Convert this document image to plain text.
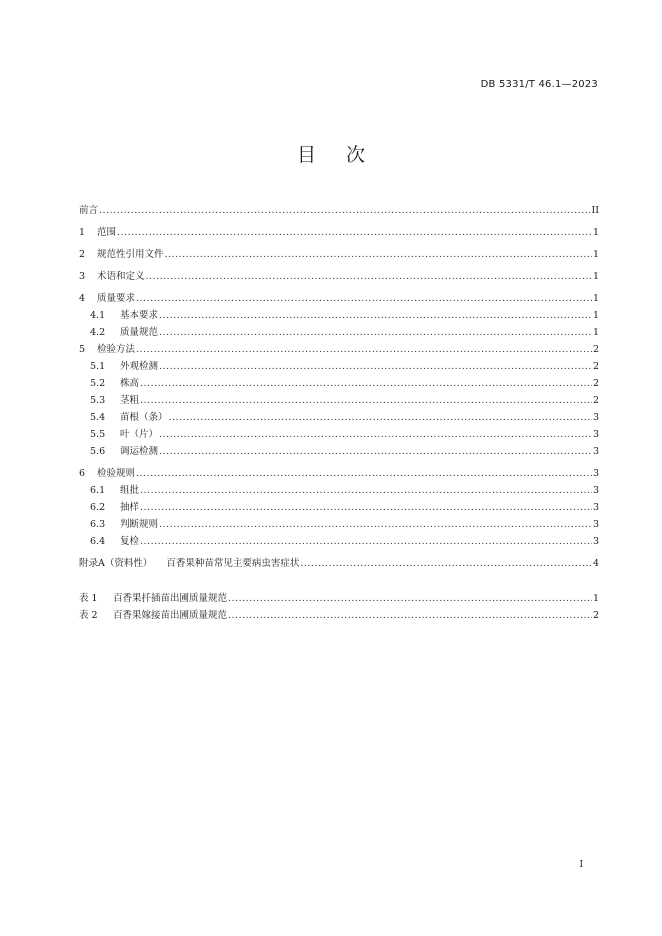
DB 5331/T 46.1—2023
目次
前言 .....	II
1	范围 .....	1
2	规范性引用文件 .....	1
3	术语和定义 .....	1
4	质量要求 .....	1
4.1	基本要求 .....	1
4.2	质量规范 .....	1
5	检验方法 .....	2
5.1	外观检测 .....	2
5.2	株高 .....	2
5.3	茎粗 .....	2
5.4	苗根（条） .....	3
5.5	叶（片） .....	3
5.6	调运检测 .....	3
6	检验规则 .....	3
6.1	组批 .....	3
6.2	抽样 .....	3
6.3	判断规则 .....	3
6.4	复检 .....	3
附录A（资料性） 百香果种苗常见主要病虫害症状 .....	4
表 1	百香果扦插苗出圃质量规范 .....	1
表 2	百香果嫁接苗出圃质量规范 .....	2
I
